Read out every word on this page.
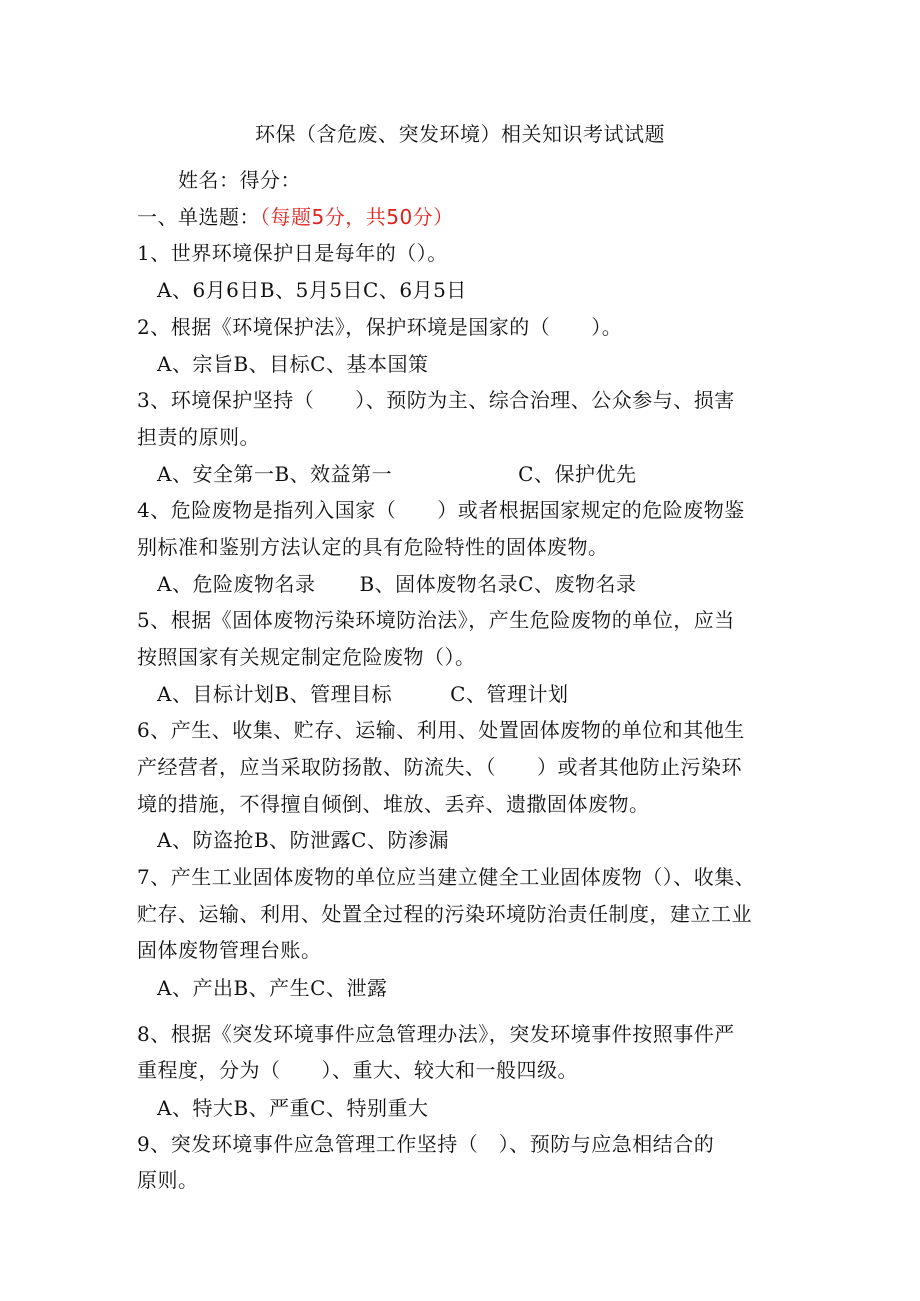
环保（含危废、突发环境）相关知识考试试题
姓名：得分：
一、单选题：（每题5分，共50分）
1、世界环境保护日是每年的（）。
A、6月6日B、5月5日C、6月5日
2、根据《环境保护法》，保护环境是国家的（　　）。
A、宗旨B、目标C、基本国策
3、环境保护坚持（　　）、预防为主、综合治理、公众参与、损害
担责的原则。
A、安全第一B、效益第一	C、保护优先
4、危险废物是指列入国家（　　）或者根据国家规定的危险废物鉴
别标准和鉴别方法认定的具有危险特性的固体废物。
A、危险废物名录 B、固体废物名录C、废物名录
5、根据《固体废物污染环境防治法》，产生危险废物的单位，应当
按照国家有关规定制定危险废物（）。
A、目标计划B、管理目标	C、管理计划
6、产生、收集、贮存、运输、利用、处置固体废物的单位和其他生
产经营者，应当采取防扬散、防流失、（　　）或者其他防止污染环
境的措施，不得擅自倾倒、堆放、丢弃、遗撒固体废物。
A、防盗抢B、防泄露C、防渗漏
7、产生工业固体废物的单位应当建立健全工业固体废物（）、收集、
贮存、运输、利用、处置全过程的污染环境防治责任制度，建立工业
固体废物管理台账。
A、产出B、产生C、泄露
8、根据《突发环境事件应急管理办法》，突发环境事件按照事件严
重程度，分为（　　）、重大、较大和一般四级。
A、特大B、严重C、特别重大
9、突发环境事件应急管理工作坚持（　）、预防与应急相结合的
原则。
